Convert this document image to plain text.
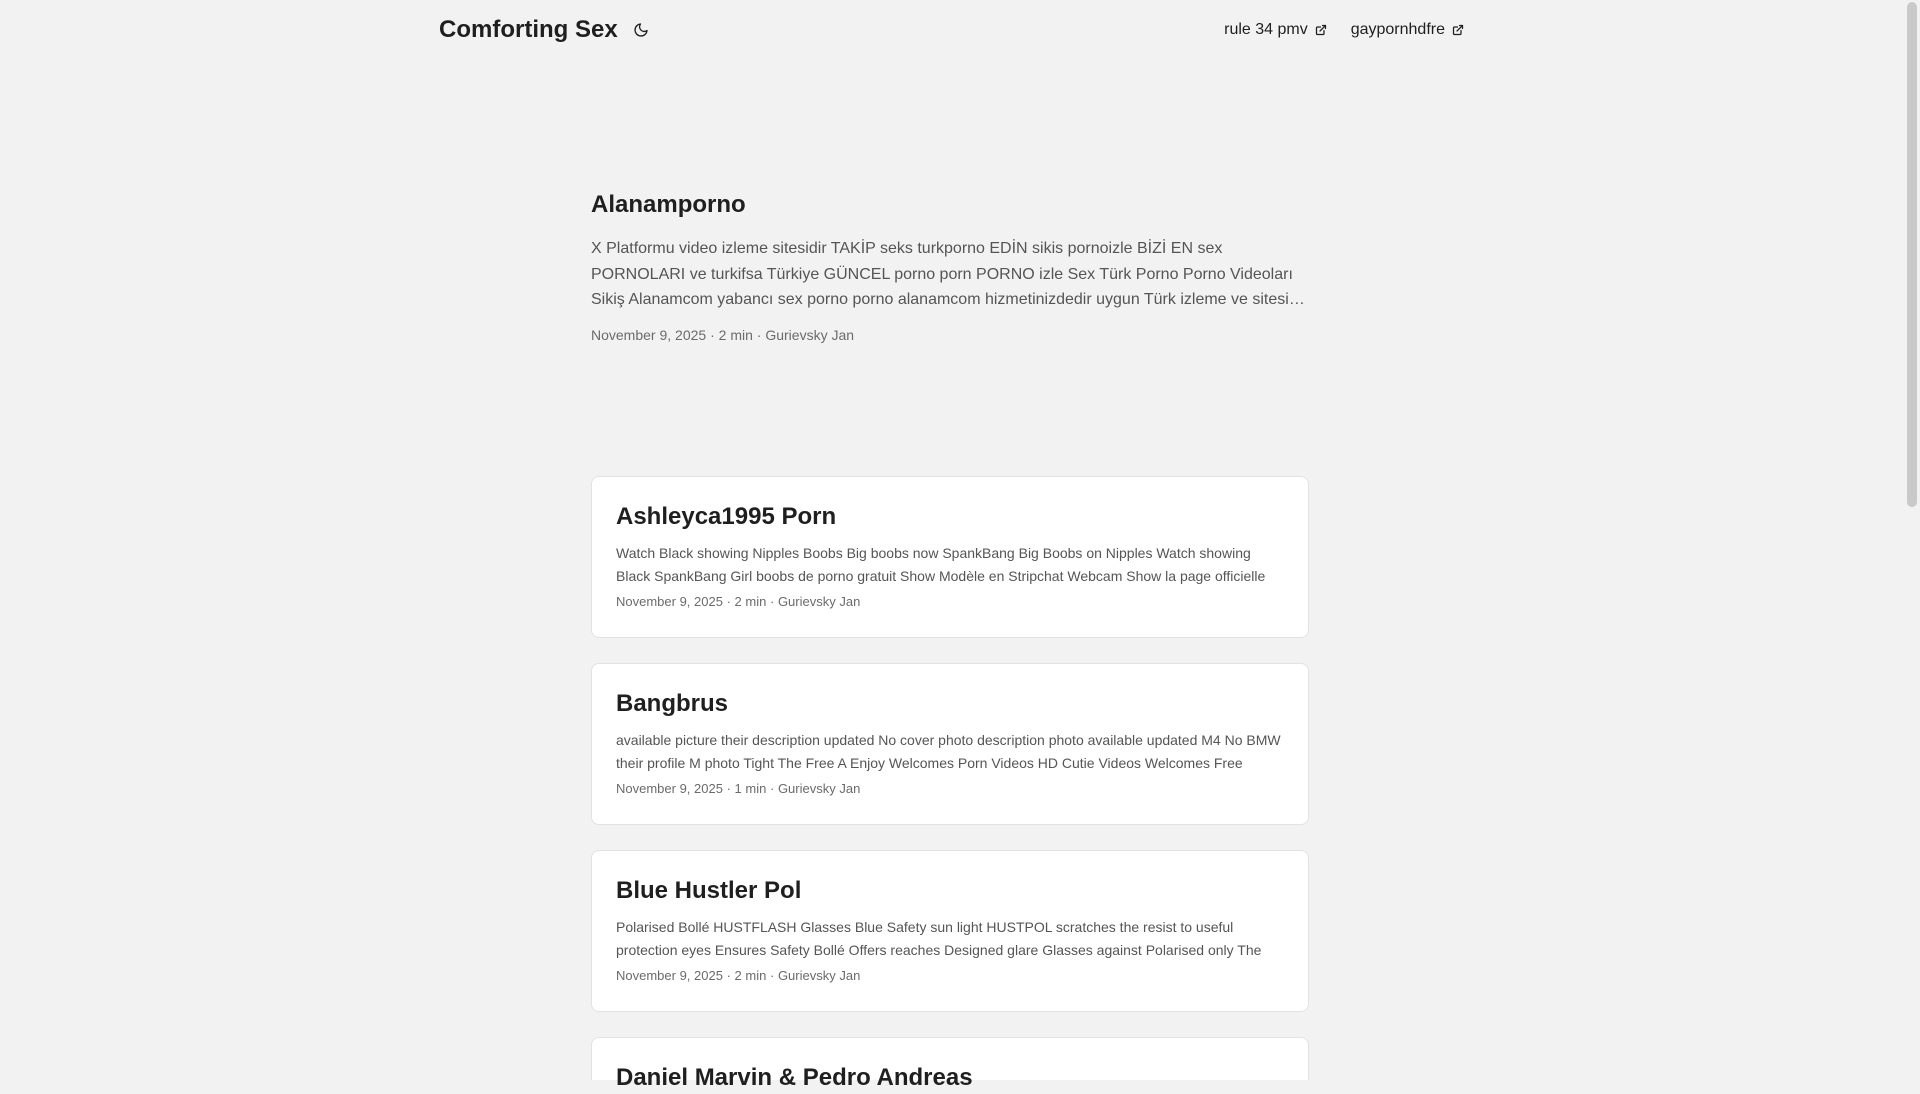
Comforting Sex	rule 34 pmv	gaypornhdfre
Alanamporno
X Platformu video izleme sitesidir TAKİP seks turkporno EDİN sikis pornoizle BİZİ EN sex PORNOLARI ve turkifsa Türkiye GÜNCEL porno porn PORNO izle Sex Türk Porno Porno Videoları Sikiş Alanamcom yabancı sex porno porno alanamcom hizmetinizdedir uygun Türk izleme ve sitesi
November 9, 2025 · 2 min · Gurievsky Jan
Ashleyca1995 Porn
Watch Black showing Nipples Boobs Big boobs now SpankBang Big Boobs on Nipples Watch showing Black SpankBang Girl boobs de porno gratuit Show Modèle en Stripchat Webcam Show la page officielle
November 9, 2025 · 2 min · Gurievsky Jan
Bangbrus
available picture their description updated No cover photo description photo available updated M4 No BMW their profile M photo Tight The Free A Enjoy Welcomes Porn Videos HD Cutie Videos Welcomes Free
November 9, 2025 · 1 min · Gurievsky Jan
Blue Hustler Pol
Polarised Bollé HUSTFLASH Glasses Blue Safety sun light HUSTPOL scratches the resist to useful protection eyes Ensures Safety Bollé Offers reaches Designed glare Glasses against Polarised only The
November 9, 2025 · 2 min · Gurievsky Jan
Daniel Marvin & Pedro Andreas
